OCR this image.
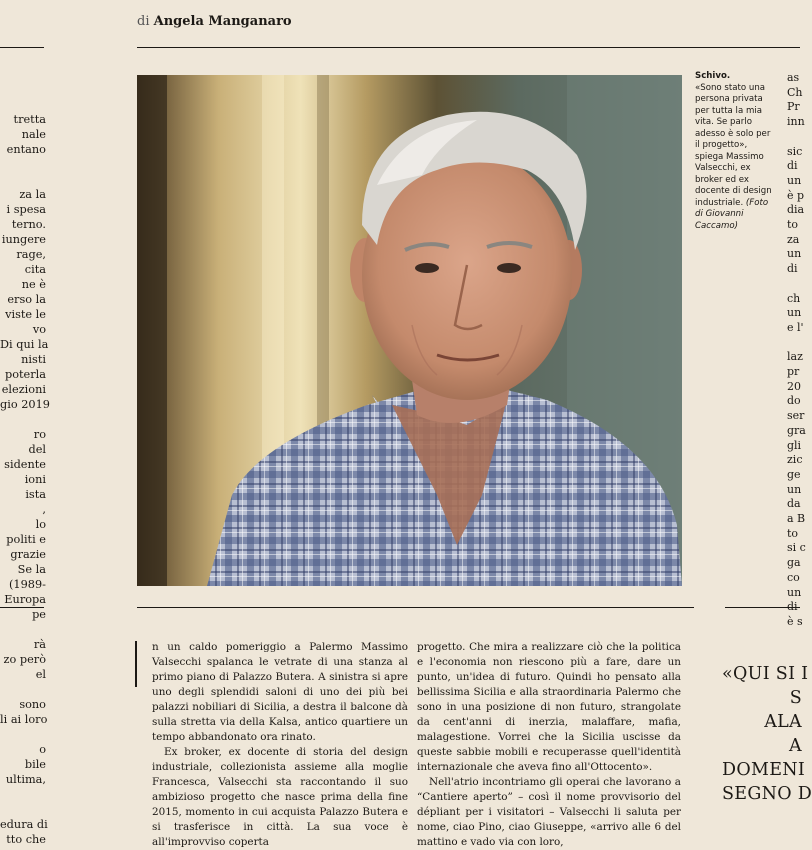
di Angela Manganaro

tretta
nale
entano

za la
i spesa
terno.
iungere
rage,
cita
ne è
erso la
viste le
vo
Di qui la
nisti
poterla
elezioni
gio 2019

ro
del
sidente
ioni
ista
,
lo
politi e
grazie
Se la
(1989-
Europa
pe

rà
zo però
el

sono
li ai loro

o
bile
ultima,

edura di
tto che
Schivo.
«Sono stato una persona privata per tutta la mia vita. Se parlo adesso è solo per il progetto», spiega Massimo Valsecchi, ex broker ed ex docente di design industriale. (Foto di Giovanni Caccamo)
as
Ch
Pr
inn

sic
di
un
è p
dia
to
za
un
di

ch
un
e l'

laz
pr
20
do
ser
gra
gli
zic
ge
un
da
a B
to
si c
ga
co
un
di
è s

n un caldo pomeriggio a Palermo Massimo Valsecchi spalanca le vetrate di una stanza al primo piano di Palazzo Butera. A sinistra si apre uno degli splendidi saloni di uno dei più bei palazzi nobiliari di Sicilia, a destra il balcone dà sulla stretta via della Kalsa, antico quartiere un tempo abbandonato ora rinato.

Ex broker, ex docente di storia del design industriale, collezionista assieme alla moglie Francesca, Valsecchi sta raccontando il suo ambizioso progetto che nasce prima della fine 2015, momento in cui acquista Palazzo Butera e si trasferisce in città. La sua voce è all'improvviso coperta

progetto. Che mira a realizzare ciò che la politica e l'economia non riescono più a fare, dare un punto, un'idea di futuro. Quindi ho pensato alla bellissima Sicilia e alla straordinaria Palermo che sono in una posizione di non futuro, strangolate da cent'anni di inerzia, malaffare, mafia, malagestione. Vorrei che la Sicilia uscisse da queste sabbie mobili e recuperasse quell'identità internazionale che aveva fino all'Ottocento».

Nell'atrio incontriamo gli operai che lavorano a “Cantiere aperto” – così il nome provvisorio del dépliant per i visitatori – Valsecchi li saluta per nome, ciao Pino, ciao Giuseppe, «arrivo alle 6 del mattino e vado via con loro,

«QUI SI I
S
ALA
A
DOMENI
SEGNO D
